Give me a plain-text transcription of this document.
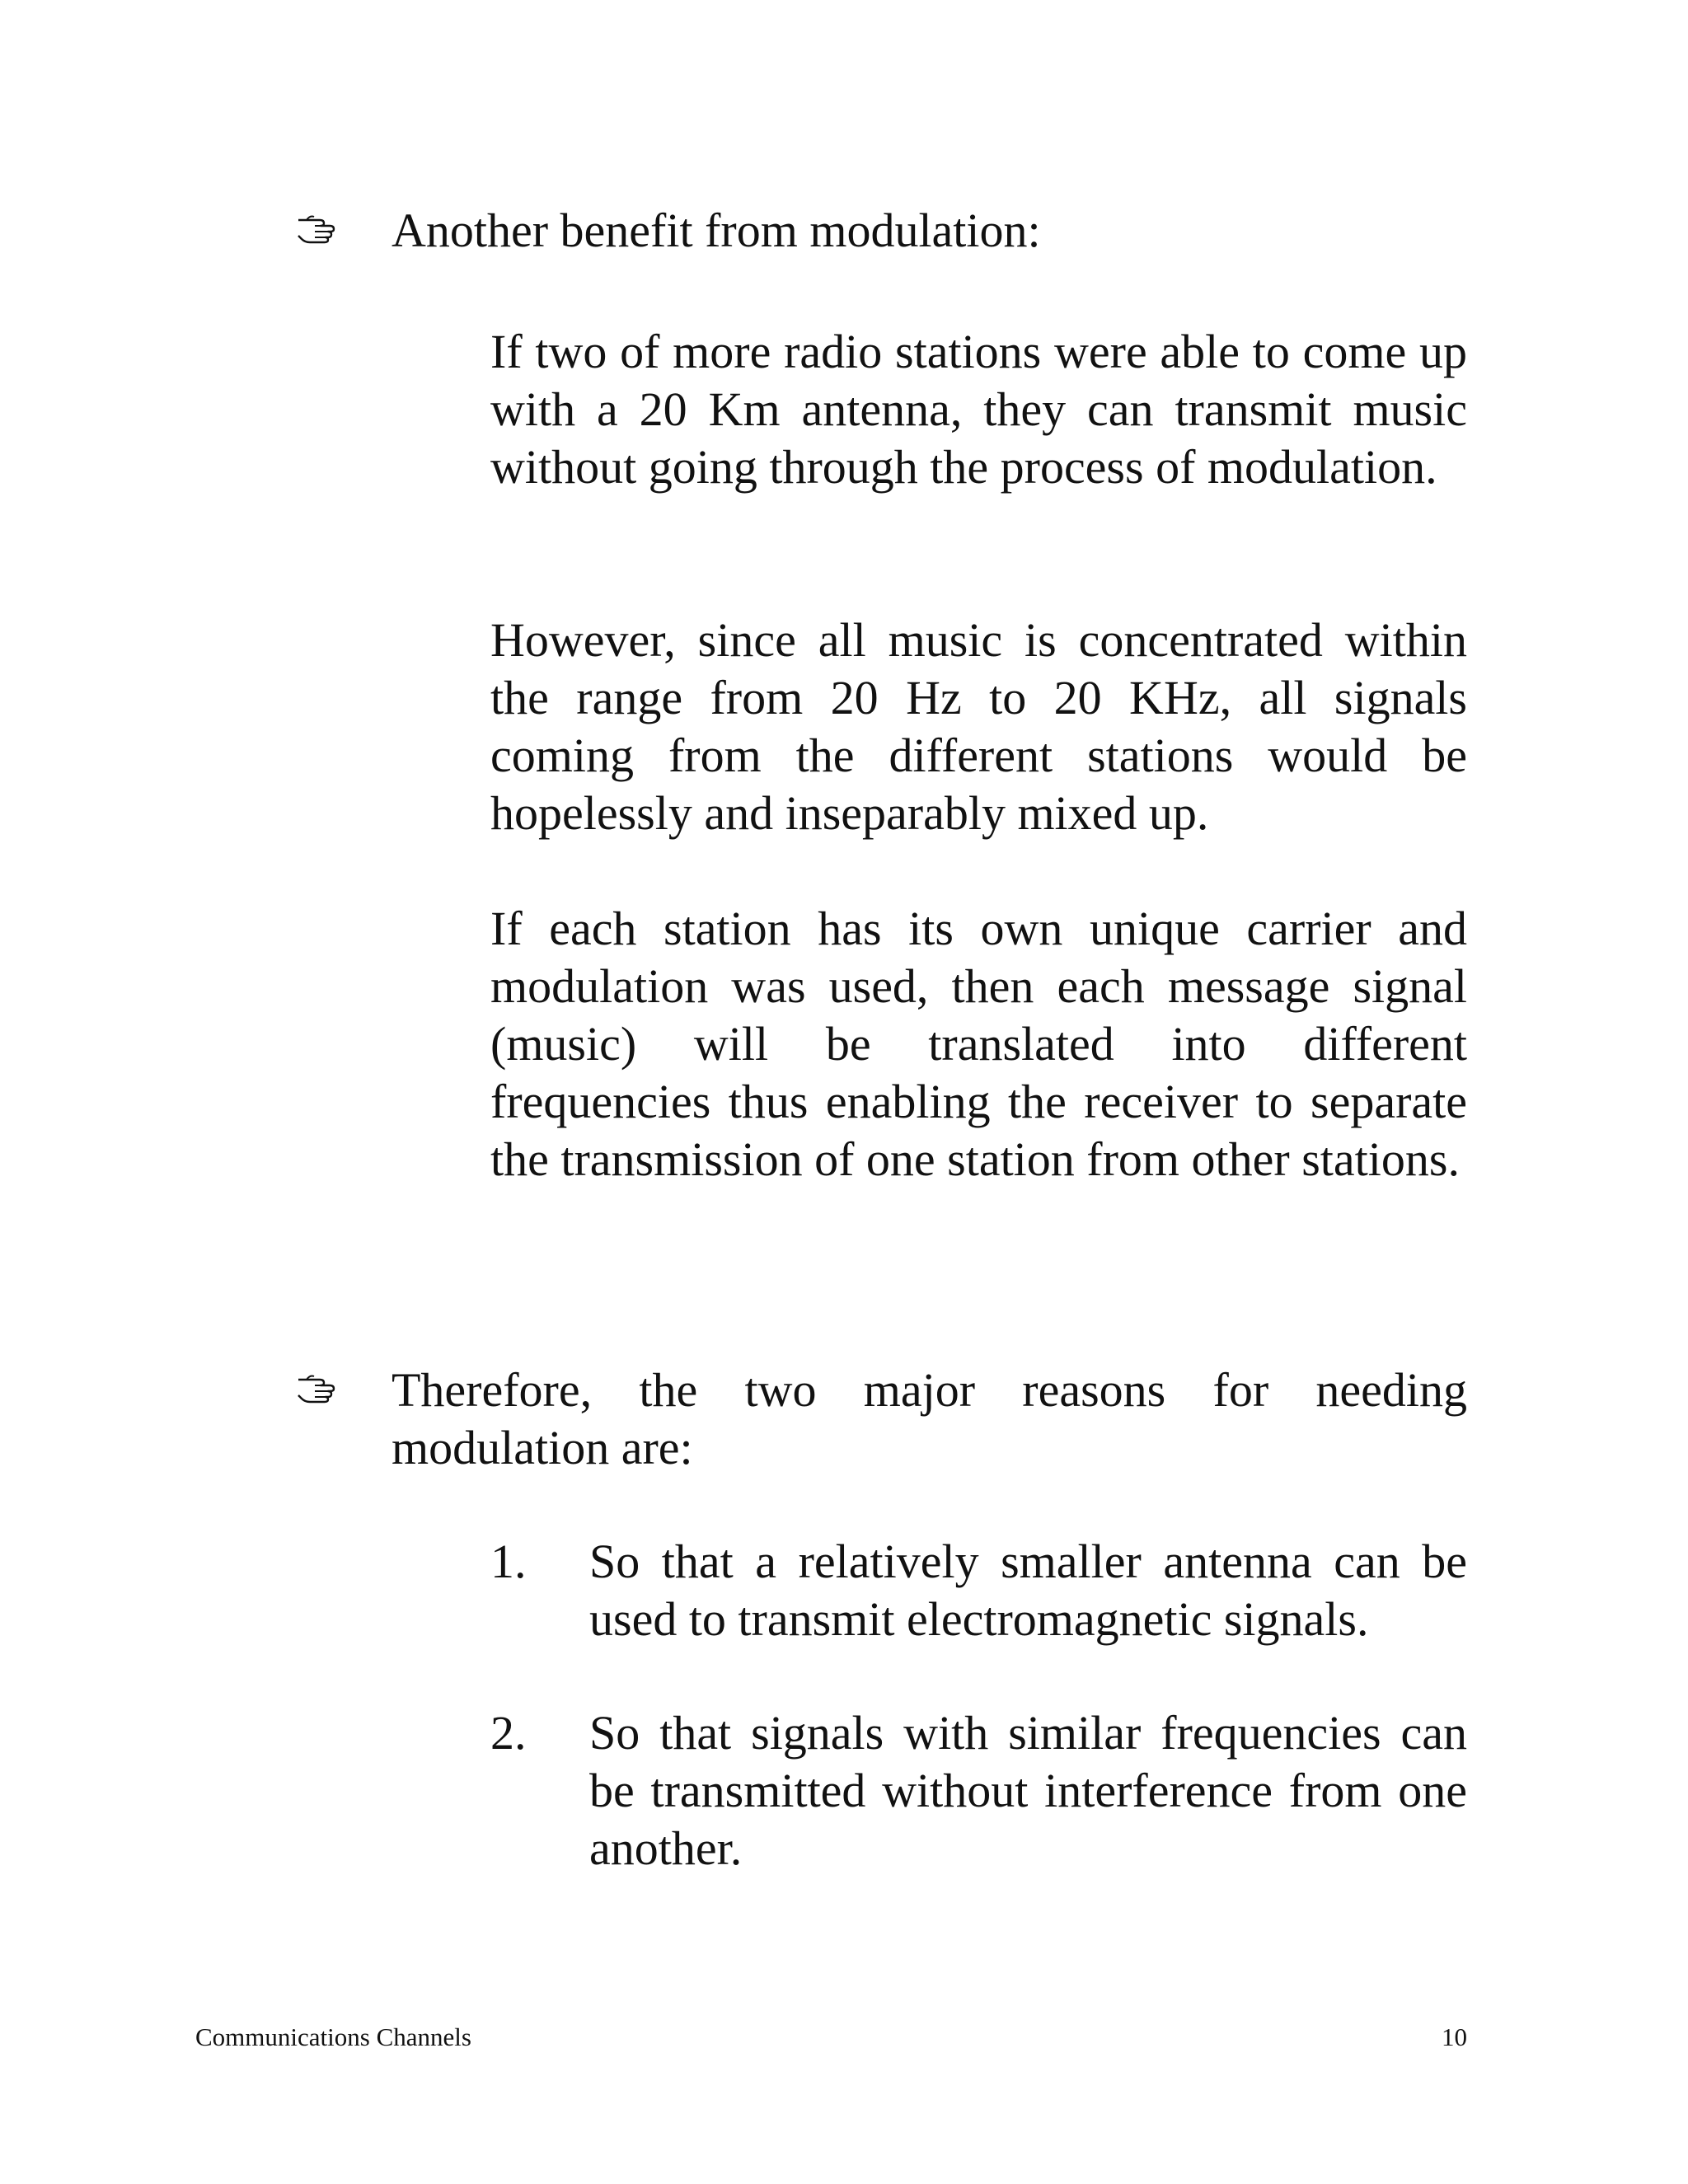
Another benefit from modulation:

If two of more radio stations were able to come up with a 20 Km antenna, they can transmit music without going through the process of modulation.

However, since all music is concentrated within the range from 20 Hz to 20 KHz, all signals coming from the different stations would be hopelessly and inseparably mixed up.

If each station has its own unique carrier and modulation was used, then each message signal (music) will be translated into different frequencies thus enabling the receiver to separate the transmission of one station from other stations.

Therefore, the two major reasons for needing modulation are:
1. So that a relatively smaller antenna can be used to transmit electromagnetic signals.
2. So that signals with similar frequencies can be transmitted without interference from one another.
Communications Channels	10
